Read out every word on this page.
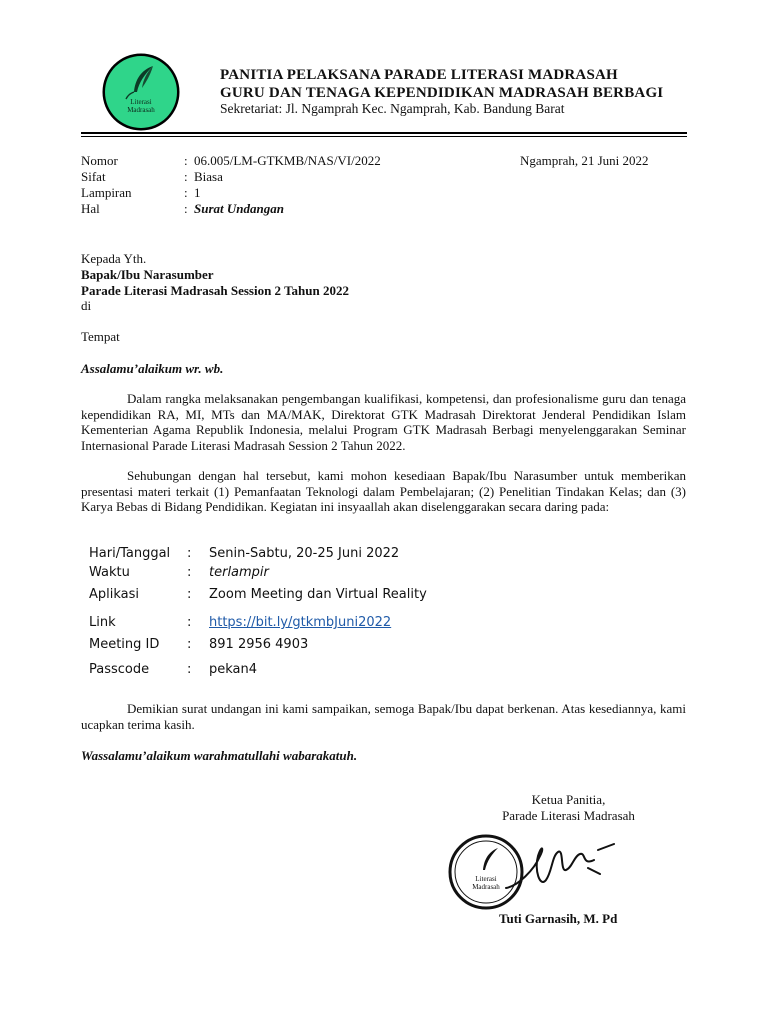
Literasi
Madrasah
PANITIA PELAKSANA PARADE LITERASI MADRASAH
GURU DAN TENAGA KEPENDIDIKAN MADRASAH BERBAGI
Sekretariat: Jl. Ngamprah Kec. Ngamprah, Kab. Bandung Barat
Nomor	: 06.005/LM-GTKMB/NAS/VI/2022	Ngamprah, 21 Juni 2022
Sifat	: Biasa
Lampiran	: 1
Hal	: Surat Undangan
Kepada Yth.
Bapak/Ibu Narasumber
Parade Literasi Madrasah Session 2 Tahun 2022
di
Tempat
Assalamu’alaikum wr. wb.
Dalam rangka melaksanakan pengembangan kualifikasi, kompetensi, dan profesionalisme guru dan tenaga kependidikan RA, MI, MTs dan MA/MAK, Direktorat GTK Madrasah Direktorat Jenderal Pendidikan Islam Kementerian Agama Republik Indonesia, melalui Program GTK Madrasah Berbagi menyelenggarakan Seminar Internasional Parade Literasi Madrasah Session 2 Tahun 2022.
Sehubungan dengan hal tersebut, kami mohon kesediaan Bapak/Ibu Narasumber untuk memberikan presentasi materi terkait (1) Pemanfaatan Teknologi dalam Pembelajaran; (2) Penelitian Tindakan Kelas; dan (3) Karya Bebas di Bidang Pendidikan. Kegiatan ini insyaallah akan diselenggarakan secara daring pada:
Hari/Tanggal : Senin-Sabtu, 20-25 Juni 2022
Waktu	: terlampir
Aplikasi	: Zoom Meeting dan Virtual Reality
Link	: https://bit.ly/gtkmbJuni2022
Meeting ID : 891 2956 4903
Passcode	: pekan4
Demikian surat undangan ini kami sampaikan, semoga Bapak/Ibu dapat berkenan. Atas kesediannya, kami ucapkan terima kasih.
Wassalamu’alaikum warahmatullahi wabarakatuh.
Ketua Panitia,
Parade Literasi Madrasah
Literasi
Madrasah
Tuti Garnasih, M. Pd
